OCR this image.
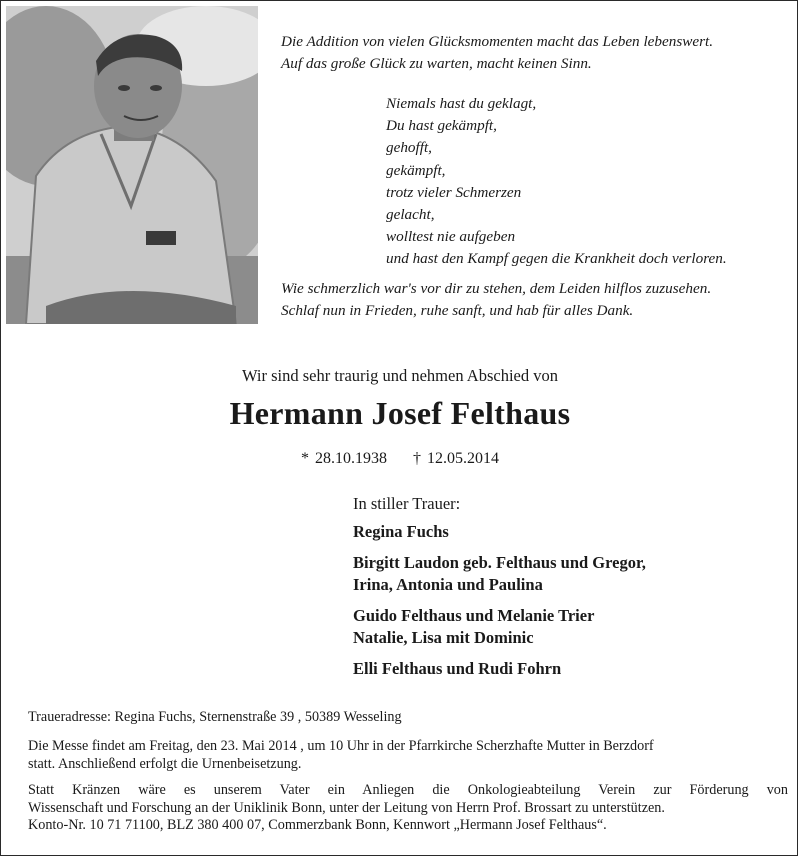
Die Addition von vielen Glücksmomenten macht das Leben lebenswert.
Auf das große Glück zu warten, macht keinen Sinn.
Niemals hast du geklagt,
Du hast gekämpft,
gehofft,
gekämpft,
trotz vieler Schmerzen
gelacht,
wolltest nie aufgeben
und hast den Kampf gegen die Krankheit doch verloren.
Wie schmerzlich war's vor dir zu stehen, dem Leiden hilflos zuzusehen.
Schlaf nun in Frieden, ruhe sanft, und hab für alles Dank.
Wir sind sehr traurig und nehmen Abschied von
Hermann Josef Felthaus
* 28.10.1938 † 12.05.2014
In stiller Trauer:
Regina Fuchs
Birgitt Laudon geb. Felthaus und Gregor,
Irina, Antonia und Paulina
Guido Felthaus und Melanie Trier
Natalie, Lisa mit Dominic
Elli Felthaus und Rudi Fohrn
Traueradresse: Regina Fuchs, Sternenstraße 39 , 50389 Wesseling
Die Messe findet am Freitag, den 23. Mai 2014 , um 10 Uhr in der Pfarrkirche Scherzhafte Mutter in Berzdorf
statt. Anschließend erfolgt die Urnenbeisetzung.
Statt Kränzen wäre es unserem Vater ein Anliegen die Onkologieabteilung Verein zur Förderung von
Wissenschaft und Forschung an der Uniklinik Bonn, unter der Leitung von Herrn Prof. Brossart zu unterstützen.
Konto-Nr. 10 71 71100, BLZ 380 400 07, Commerzbank Bonn, Kennwort „Hermann Josef Felthaus“.
